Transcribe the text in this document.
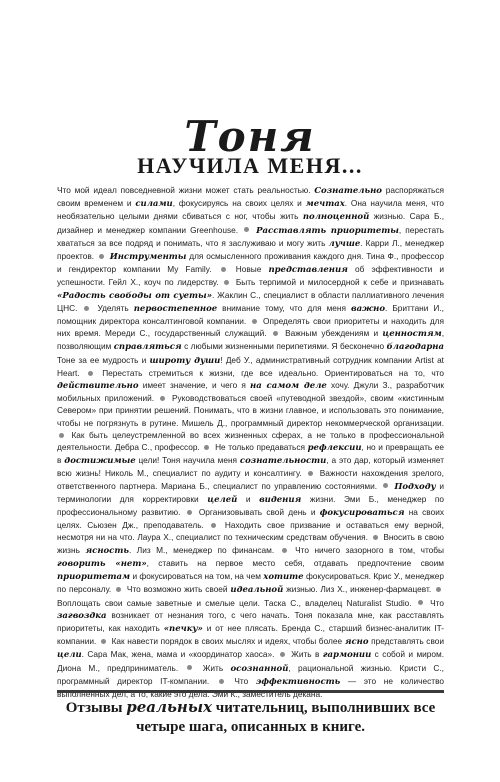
Тоня
НАУЧИЛА МЕНЯ...

Что мой идеал повседневной жизни может стать реальностью. Сознательно распоряжаться своим временем и силами, фокусируясь на своих целях и мечтах. Она научила меня, что необязательно целыми днями сбиваться с ног, чтобы жить полноценной жизнью. Сара Б., дизайнер и менеджер компании Greenhouse. Расставлять приоритеты, перестать хвататься за все подряд и понимать, что я заслуживаю и могу жить лучше. Карри Л., менеджер проектов. Инструменты для осмысленного проживания каждого дня. Тина Ф., профессор и гендиректор компании My Family.	Новые представления об эффективности и успешности. Гейл Х., коуч по лидерству. Быть терпимой и милосердной к себе и признавать «Радость свободы от суеты». Жаклин С., специалист в области паллиативного лечения ЦНС. Уделять первостепенное внимание тому, что для меня важно. Бриттани И., помощник директора консалтинговой компании. Определять свои приоритеты и находить для них время. Мереди С., государственный служащий. Важным убеждениям и ценностям, позволяющим справляться с любыми жизненными перипетиями. Я бесконечно благодарна Тоне за ее мудрость и широту души! Деб У., административный сотрудник компании Artist at Heart.	Перестать стремиться к жизни, где все идеально. Ориентироваться на то, что действительно имеет значение, и чего я на самом деле хочу. Джули З., разработчик мобильных приложений. Руководствоваться своей «путеводной звездой», своим «кистинным Севером» при принятии решений. Понимать, что в жизни главное, и использовать это понимание, чтобы не погрязнуть в рутине. Мишель Д., программный директор некоммерческой организации.  Как быть целеустремленной во всех жизненных сферах, а не только в профессиональной деятельности. Дебра С., профессор. Не только предаваться рефлексии, но и превращать ее в достижимые цели! Тоня научила меня сознательности, а это дар, который изменяет всю жизнь! Николь М., специалист по аудиту и консалтингу. Важности нахождения зрелого, ответственного партнера. Мариана Б., специалист по управлению состояниями. Подходу и терминологии для корректировки целей и видения жизни. Эми Б., менеджер по профессиональному развитию. Организовывать свой день и фокусироваться на своих целях. Сьюзен Дж., преподаватель.	Находить свое призвание и оставаться ему верной, несмотря ни на что. Лаура Х., специалист по техническим средствам обучения. Вносить в свою жизнь ясность. Лиз М., менеджер по финансам.	Что ничего зазорного в том, чтобы говорить «нет», ставить на первое место себя, отдавать предпочтение своим приоритетам и фокусироваться на том, на чем хотите фокусироваться. Крис У., менеджер по персоналу. Что возможно жить своей идеальной жизнью. Лиз Х., инженер-фармацевт.  Воплощать свои самые заветные и смелые цели. Таска С., владелец Naturalist Studio. Что загвоздка возникает от незнания того, с чего начать. Тоня показала мне, как расставлять приоритеты, как находить «печку» и от нее плясать. Бренда С., старший бизнес-аналитик IT-компании. Как навести порядок в своих мыслях и идеях, чтобы более ясно представлять свои цели. Сара Мак, жена, мама и «координатор хаоса». Жить в гармонии с собой и миром. Диона М., предприниматель.	Жить осознанной, рациональной жизнью. Кристи С., программный директор IT-компании.	Что эффективность — это не количество выполненных дел, а то, какие это дела. Эми К., заместитель декана.

Отзывы реальных читательниц, выполнивших все четыре шага, описанных в книге.
